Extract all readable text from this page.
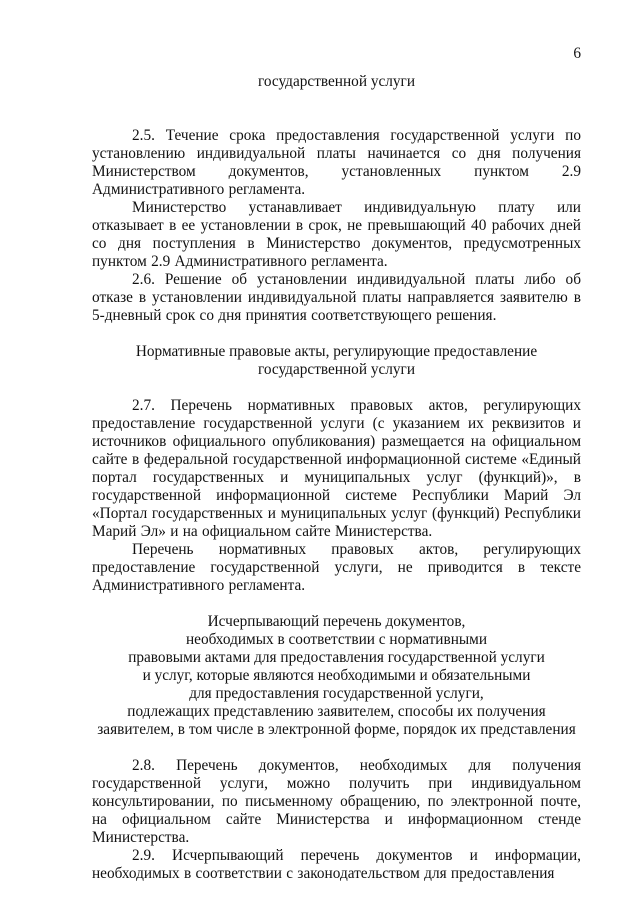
6

государственной услуги

2.5. Течение срока предоставления государственной услуги по установлению индивидуальной платы начинается со дня получения Министерством документов, установленных пунктом 2.9 Административного регламента.

Министерство устанавливает индивидуальную плату или отказывает в ее установлении в срок, не превышающий 40 рабочих дней со дня поступления в Министерство документов, предусмотренных пунктом 2.9 Административного регламента.

2.6. Решение об установлении индивидуальной платы либо об отказе в установлении индивидуальной платы направляется заявителю в 5-дневный срок со дня принятия соответствующего решения.

Нормативные правовые акты, регулирующие предоставление
государственной услуги

2.7. Перечень нормативных правовых актов, регулирующих предоставление государственной услуги (с указанием их реквизитов и источников официального опубликования) размещается на официальном сайте в федеральной государственной информационной системе «Единый портал государственных и муниципальных услуг (функций)», в государственной информационной системе Республики Марий Эл «Портал государственных и муниципальных услуг (функций) Республики Марий Эл» и на официальном сайте Министерства.

Перечень нормативных правовых актов, регулирующих предоставление государственной услуги, не приводится в тексте Административного регламента.

Исчерпывающий перечень документов,
необходимых в соответствии с нормативными
правовыми актами для предоставления государственной услуги
и услуг, которые являются необходимыми и обязательными
для предоставления государственной услуги,
подлежащих представлению заявителем, способы их получения
заявителем, в том числе в электронной форме, порядок их представления

2.8. Перечень документов, необходимых для получения государственной услуги, можно получить при индивидуальном консультировании, по письменному обращению, по электронной почте, на официальном сайте Министерства и информационном стенде Министерства.

2.9. Исчерпывающий перечень документов и информации, необходимых в соответствии с законодательством для предоставления
